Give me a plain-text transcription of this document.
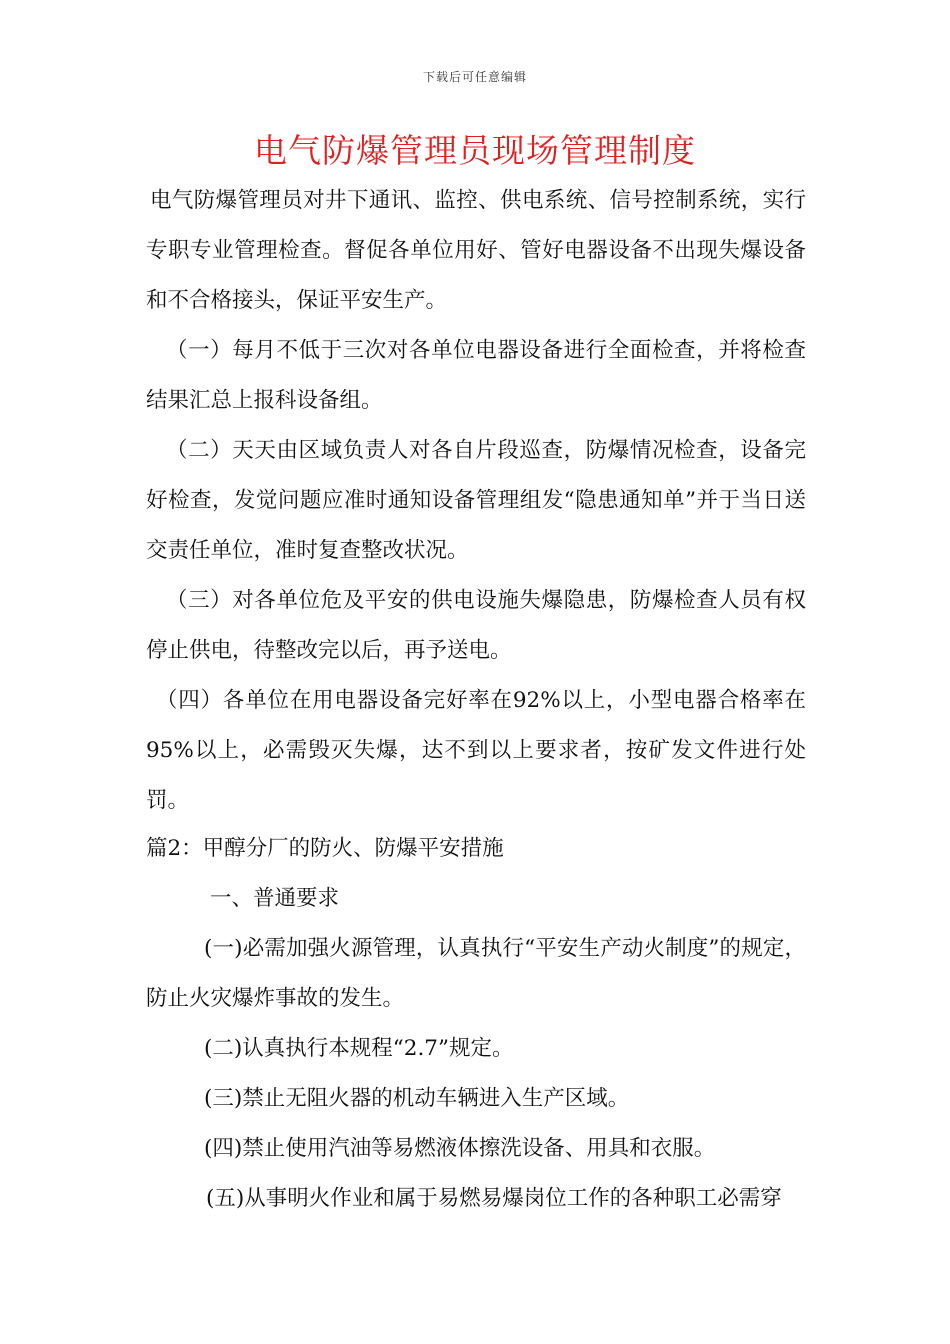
下载后可任意编辑
电气防爆管理员现场管理制度
电气防爆管理员对井下通讯、监控、供电系统、信号控制系统，实行专职专业管理检查。督促各单位用好、管好电器设备不出现失爆设备和不合格接头，保证平安生产。
（一）每月不低于三次对各单位电器设备进行全面检查，并将检查结果汇总上报科设备组。
（二）天天由区域负责人对各自片段巡查，防爆情况检查，设备完好检查，发觉问题应准时通知设备管理组发“隐患通知单”并于当日送交责任单位，准时复查整改状况。
（三）对各单位危及平安的供电设施失爆隐患，防爆检查人员有权停止供电，待整改完以后，再予送电。
（四）各单位在用电器设备完好率在92%以上，小型电器合格率在95%以上，必需毁灭失爆，达不到以上要求者，按矿发文件进行处罚。
篇2：甲醇分厂的防火、防爆平安措施
一、普通要求
(一)必需加强火源管理，认真执行“平安生产动火制度”的规定，防止火灾爆炸事故的发生。
(二)认真执行本规程“2.7”规定。
(三)禁止无阻火器的机动车辆进入生产区域。
(四)禁止使用汽油等易燃液体擦洗设备、用具和衣服。
(五)从事明火作业和属于易燃易爆岗位工作的各种职工必需穿
